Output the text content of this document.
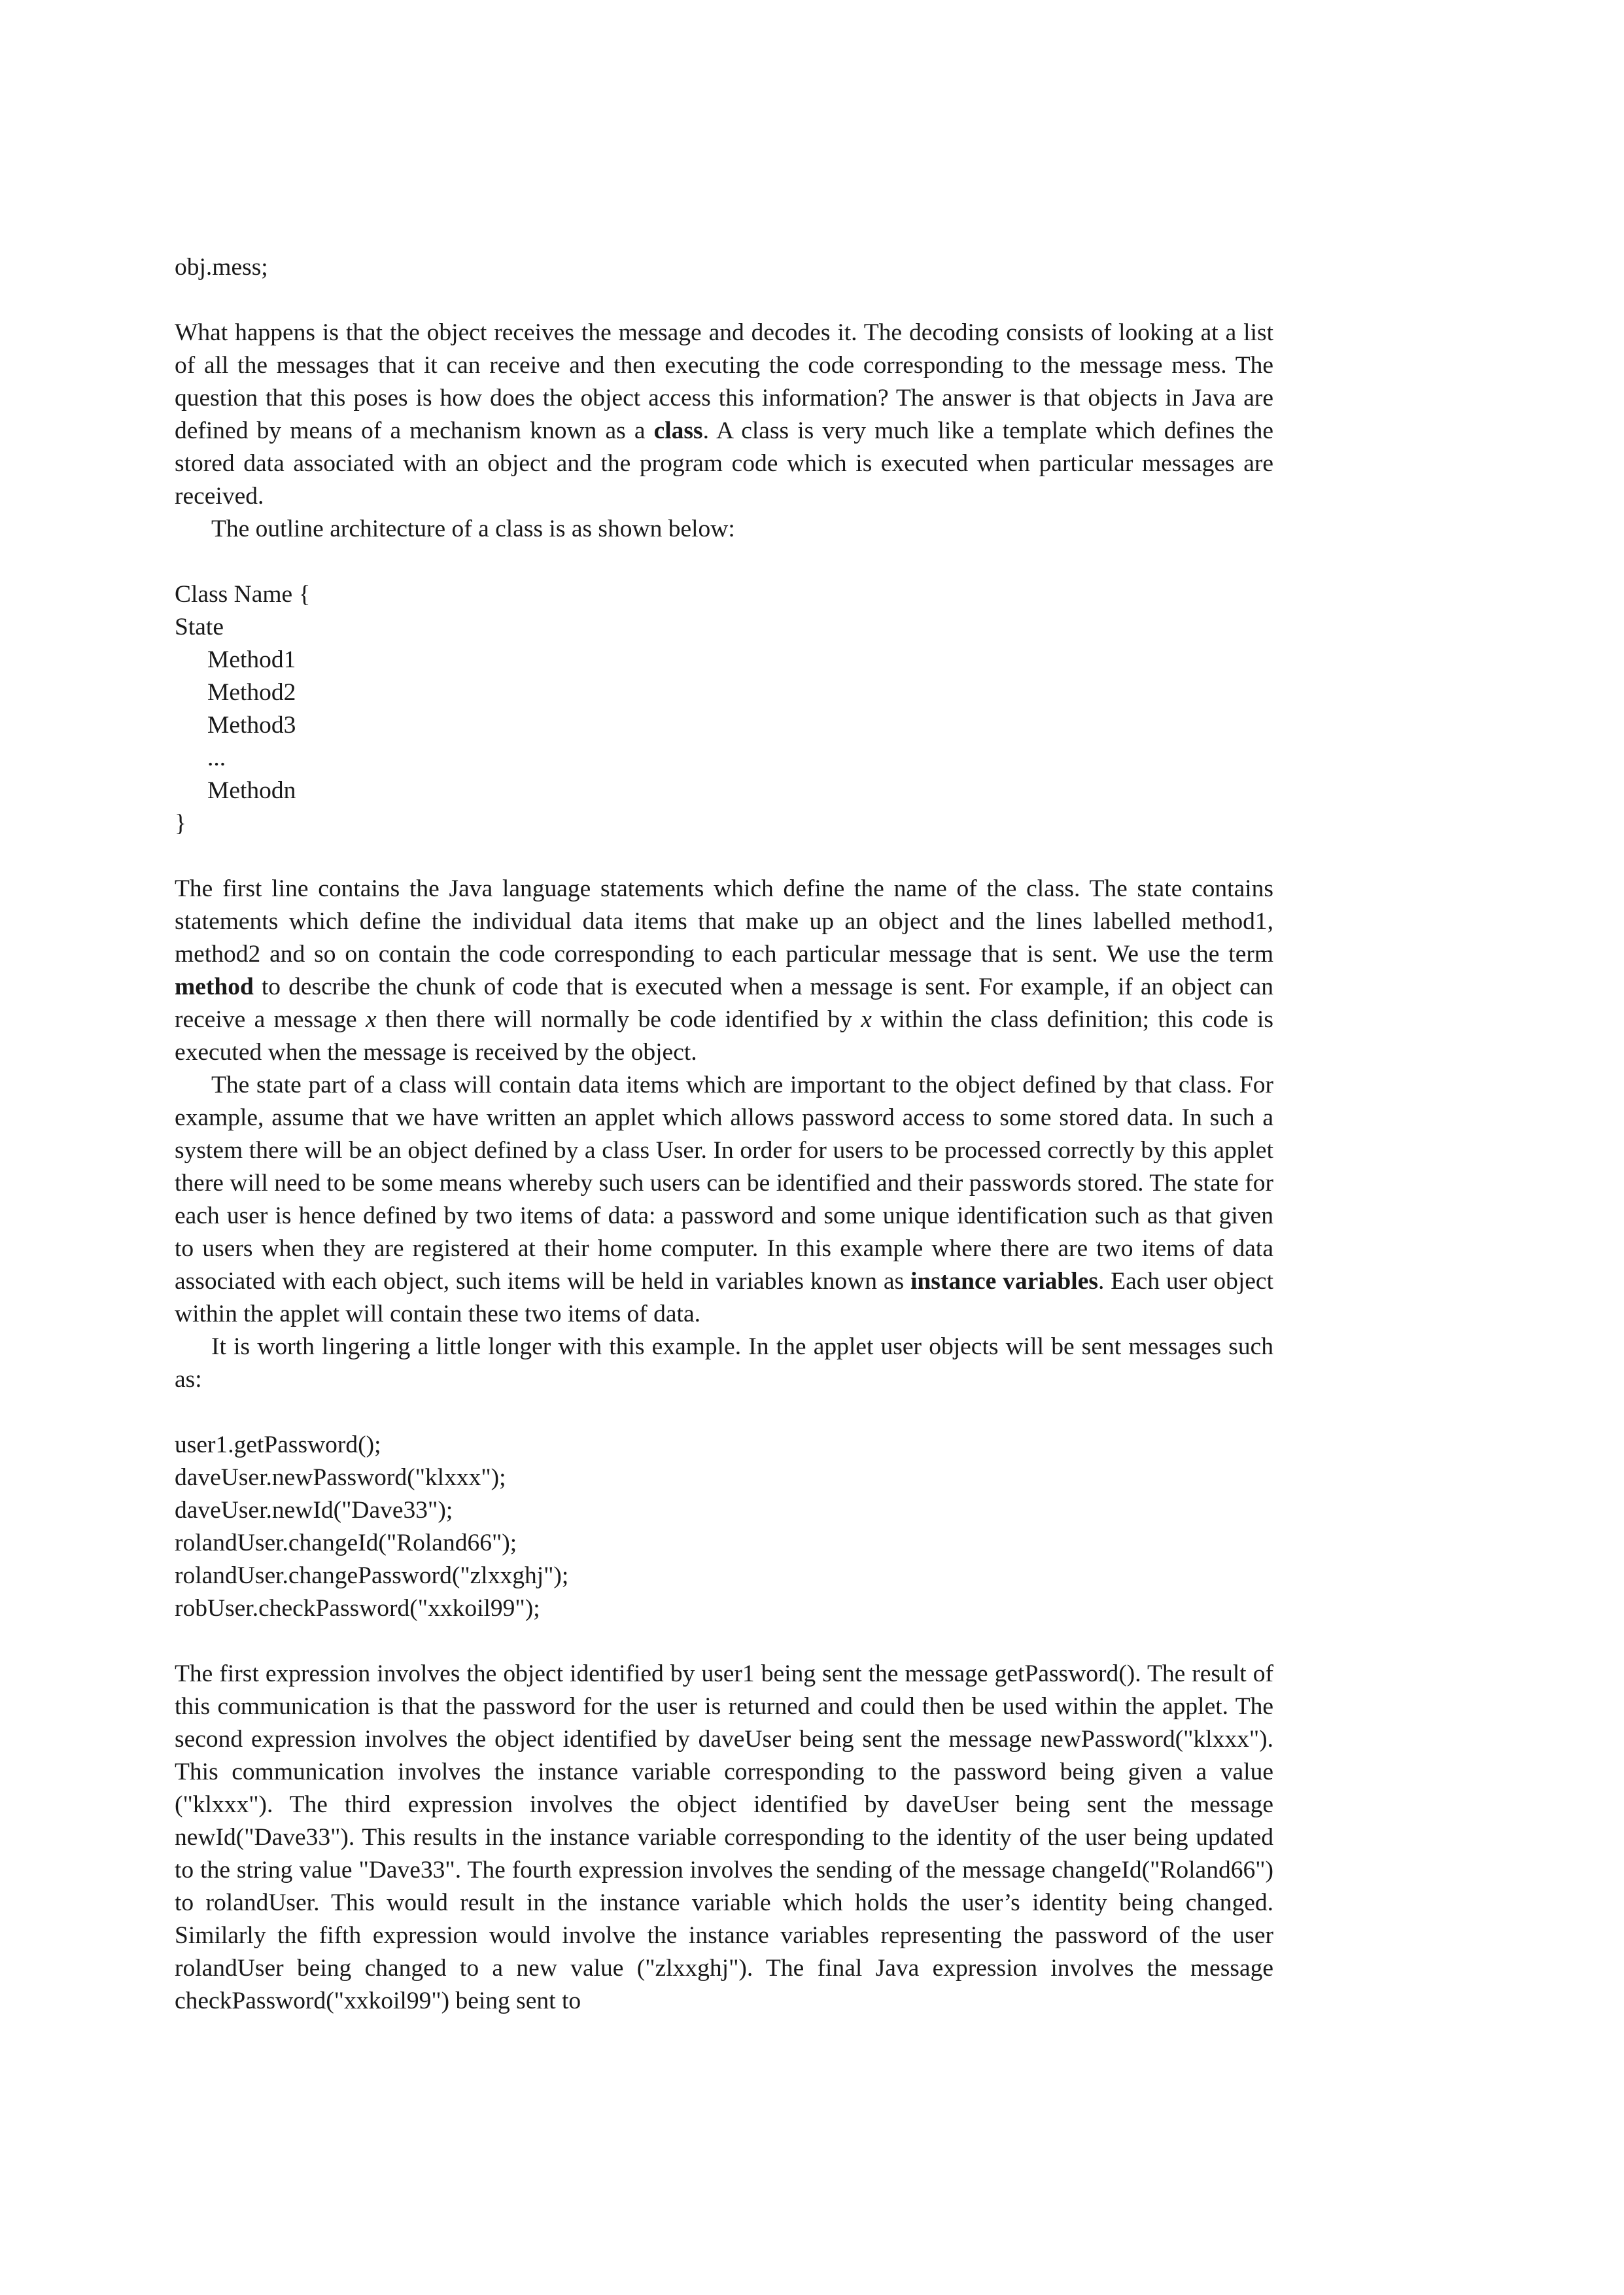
obj.mess;

What happens is that the object receives the message and decodes it. The decoding consists of looking at a list of all the messages that it can receive and then executing the code corresponding to the message mess. The question that this poses is how does the object access this information? The answer is that objects in Java are defined by means of a mechanism known as a class. A class is very much like a template which defines the stored data associated with an object and the program code which is executed when particular messages are received.

The outline architecture of a class is as shown below:

Class Name {
State
Method1
Method2
Method3
...
Methodn
}

The first line contains the Java language statements which define the name of the class. The state contains statements which define the individual data items that make up an object and the lines labelled method1, method2 and so on contain the code corresponding to each particular message that is sent. We use the term method to describe the chunk of code that is executed when a message is sent. For example, if an object can receive a message x then there will normally be code identified by x within the class definition; this code is executed when the message is received by the object.

The state part of a class will contain data items which are important to the object defined by that class. For example, assume that we have written an applet which allows password access to some stored data. In such a system there will be an object defined by a class User. In order for users to be processed correctly by this applet there will need to be some means whereby such users can be identified and their passwords stored. The state for each user is hence defined by two items of data: a password and some unique identification such as that given to users when they are registered at their home computer. In this example where there are two items of data associated with each object, such items will be held in variables known as instance variables. Each user object within the applet will contain these two items of data.

It is worth lingering a little longer with this example. In the applet user objects will be sent messages such as:

user1.getPassword();
daveUser.newPassword("klxxx");
daveUser.newId("Dave33");
rolandUser.changeId("Roland66");
rolandUser.changePassword("zlxxghj");
robUser.checkPassword("xxkoil99");

The first expression involves the object identified by user1 being sent the message getPassword(). The result of this communication is that the password for the user is returned and could then be used within the applet. The second expression involves the object identified by daveUser being sent the message newPassword("klxxx"). This communication involves the instance variable corresponding to the password being given a value ("klxxx"). The third expression involves the object identified by daveUser being sent the message newId("Dave33"). This results in the instance variable corresponding to the identity of the user being updated to the string value "Dave33". The fourth expression involves the sending of the message changeId("Roland66") to rolandUser. This would result in the instance variable which holds the user’s identity being changed. Similarly the fifth expression would involve the instance variables representing the password of the user rolandUser being changed to a new value ("zlxxghj"). The final Java expression involves the message checkPassword("xxkoil99") being sent to
